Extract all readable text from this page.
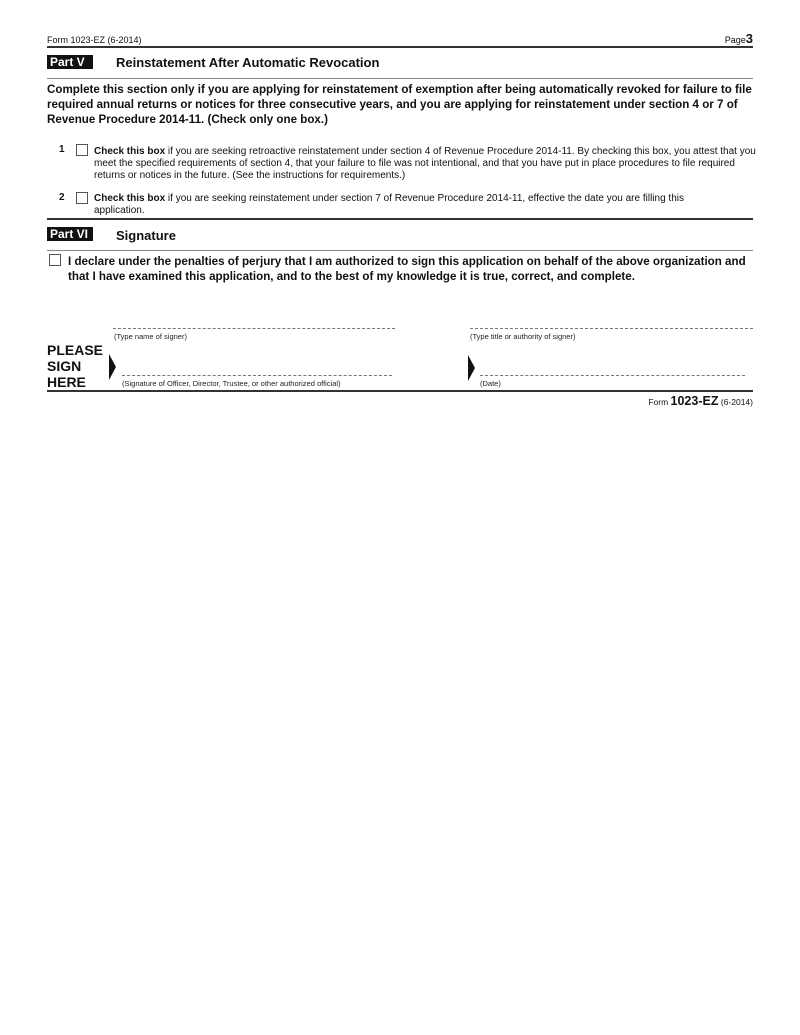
Form 1023-EZ (6-2014)	Page3
Part V	Reinstatement After Automatic Revocation
Complete this section only if you are applying for reinstatement of exemption after being automatically revoked for failure to file required annual returns or notices for three consecutive years, and you are applying for reinstatement under section 4 or 7 of Revenue Procedure 2014-11. (Check only one box.)
1	Check this box if you are seeking retroactive reinstatement under section 4 of Revenue Procedure 2014-11. By checking this box, you attest that you meet the specified requirements of section 4, that your failure to file was not intentional, and that you have put in place procedures to file required returns or notices in the future. (See the instructions for requirements.)
2	Check this box if you are seeking reinstatement under section 7 of Revenue Procedure 2014-11, effective the date you are filling this application.
Part VI	Signature
I declare under the penalties of perjury that I am authorized to sign this application on behalf of the above organization and that I have examined this application, and to the best of my knowledge it is true, correct, and complete.
(Type name of signer)	(Type title or authority of signer)
PLEASE
SIGN
HERE	(Signature of Officer, Director, Trustee, or other authorized official)	(Date)
Form 1023-EZ (6-2014)
